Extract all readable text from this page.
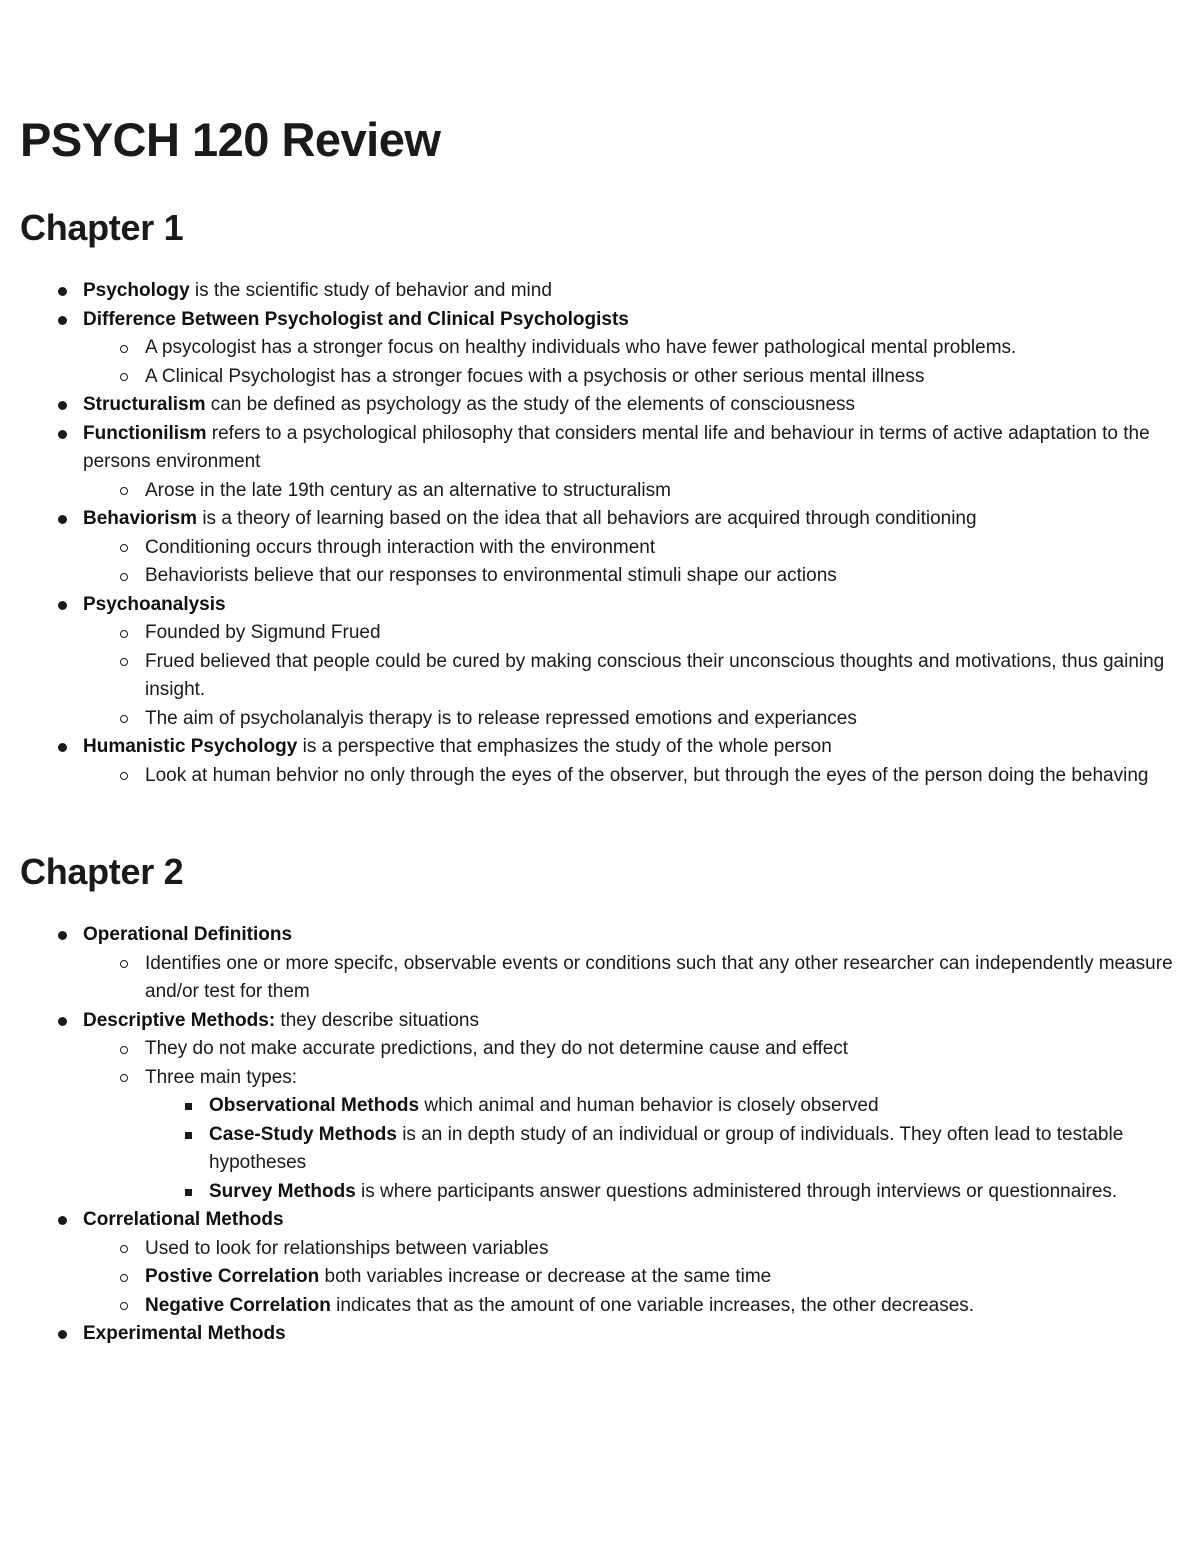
PSYCH 120 Review
Chapter 1
Psychology is the scientific study of behavior and mind
Difference Between Psychologist and Clinical Psychologists
A psycologist has a stronger focus on healthy individuals who have fewer pathological mental problems.
A Clinical Psychologist has a stronger focues with a psychosis or other serious mental illness
Structuralism can be defined as psychology as the study of the elements of consciousness
Functionilism refers to a psychological philosophy that considers mental life and behaviour in terms of active adaptation to the persons environment
Arose in the late 19th century as an alternative to structuralism
Behaviorism is a theory of learning based on the idea that all behaviors are acquired through conditioning
Conditioning occurs through interaction with the environment
Behaviorists believe that our responses to environmental stimuli shape our actions
Psychoanalysis
Founded by Sigmund Frued
Frued believed that people could be cured by making conscious their unconscious thoughts and motivations, thus gaining insight.
The aim of psycholanalyis therapy is to release repressed emotions and experiances
Humanistic Psychology is a perspective that emphasizes the study of the whole person
Look at human behvior no only through the eyes of the observer, but through the eyes of the person doing the behaving
Chapter 2
Operational Definitions
Identifies one or more specifc, observable events or conditions such that any other researcher can independently measure and/or test for them
Descriptive Methods: they describe situations
They do not make accurate predictions, and they do not determine cause and effect
Three main types:
Observational Methods which animal and human behavior is closely observed
Case-Study Methods is an in depth study of an individual or group of individuals. They often lead to testable hypotheses
Survey Methods is where participants answer questions administered through interviews or questionnaires.
Correlational Methods
Used to look for relationships between variables
Postive Correlation both variables increase or decrease at the same time
Negative Correlation indicates that as the amount of one variable increases, the other decreases.
Experimental Methods
